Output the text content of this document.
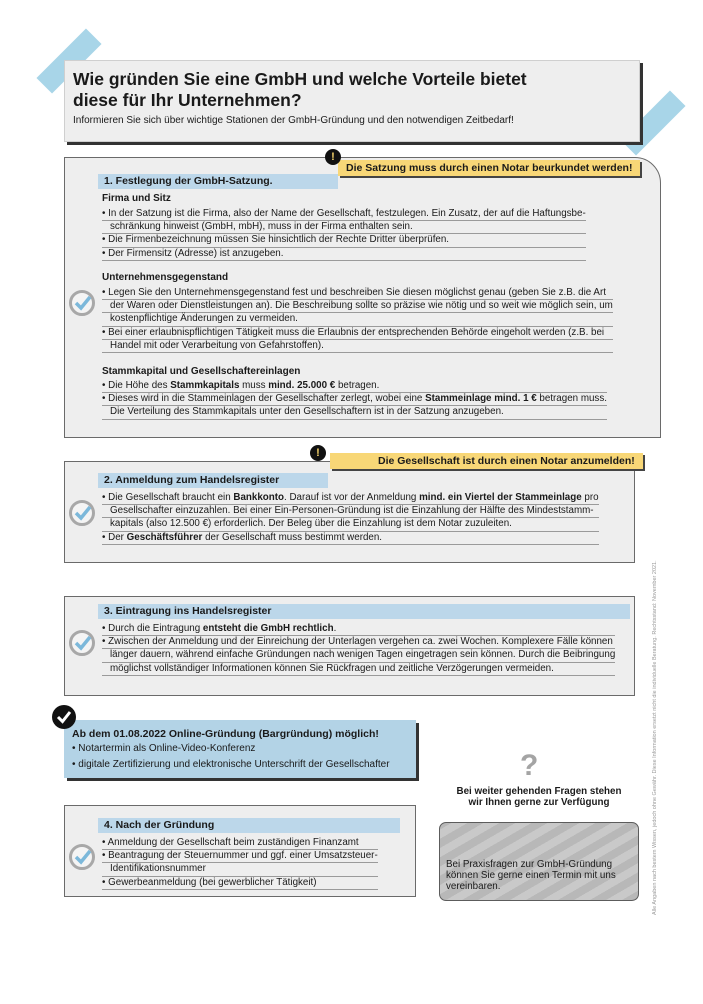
Wie gründen Sie eine GmbH und welche Vorteile bietet diese für Ihr Unternehmen?
Informieren Sie sich über wichtige Stationen der GmbH-Gründung und den notwendigen Zeitbedarf!
1. Festlegung der GmbH-Satzung.
Firma und Sitz
• In der Satzung ist die Firma, also der Name der Gesellschaft, festzulegen. Ein Zusatz, der auf die Haftungsbe-
schränkung hinweist (GmbH, mbH), muss in der Firma enthalten sein.
• Die Firmenbezeichnung müssen Sie hinsichtlich der Rechte Dritter überprüfen.
• Der Firmensitz (Adresse) ist anzugeben.
Unternehmensgegenstand
• Legen Sie den Unternehmensgegenstand fest und beschreiben Sie diesen möglichst genau (geben Sie z.B. die Art
der Waren oder Dienstleistungen an). Die Beschreibung sollte so präzise wie nötig und so weit wie möglich sein, um
kostenpflichtige Änderungen zu vermeiden.
• Bei einer erlaubnispflichtigen Tätigkeit muss die Erlaubnis der entsprechenden Behörde eingeholt werden (z.B. bei
Handel mit oder Verarbeitung von Gefahrstoffen).
Stammkapital und Gesellschaftereinlagen
• Die Höhe des Stammkapitals muss mind. 25.000 € betragen.
• Dieses wird in die Stammeinlagen der Gesellschafter zerlegt, wobei eine Stammeinlage mind. 1 € betragen muss.
Die Verteilung des Stammkapitals unter den Gesellschaftern ist in der Satzung anzugeben.
!
Die Satzung muss durch einen Notar beurkundet werden!
2. Anmeldung zum Handelsregister
• Die Gesellschaft braucht ein Bankkonto. Darauf ist vor der Anmeldung mind. ein Viertel der Stammeinlage pro
Gesellschafter einzuzahlen. Bei einer Ein-Personen-Gründung ist die Einzahlung der Hälfte des Mindeststamm-
kapitals (also 12.500 €) erforderlich. Der Beleg über die Einzahlung ist dem Notar zuzuleiten.
• Der Geschäftsführer der Gesellschaft muss bestimmt werden.
!
Die Gesellschaft ist durch einen Notar anzumelden!
3. Eintragung ins Handelsregister
• Durch die Eintragung entsteht die GmbH rechtlich.
• Zwischen der Anmeldung und der Einreichung der Unterlagen vergehen ca. zwei Wochen. Komplexere Fälle können
länger dauern, während einfache Gründungen nach wenigen Tagen eingetragen sein können. Durch die Beibringung
möglichst vollständiger Informationen können Sie Rückfragen und zeitliche Verzögerungen vermeiden.
Ab dem 01.08.2022 Online-Gründung (Bargründung) möglich!
• Notartermin als Online-Video-Konferenz
• digitale Zertifizierung und elektronische Unterschrift der Gesellschafter
4. Nach der Gründung
• Anmeldung der Gesellschaft beim zuständigen Finanzamt
• Beantragung der Steuernummer und ggf. einer Umsatzsteuer-
Identifikationsnummer
• Gewerbeanmeldung (bei gewerblicher Tätigkeit)
?
Bei weiter gehenden Fragen stehen wir Ihnen gerne zur Verfügung
Bei Praxisfragen zur GmbH-Gründung können Sie gerne einen Termin mit uns vereinbaren.	Alle Angaben nach bestem Wissen, jedoch ohne Gewähr. Diese Information ersetzt nicht die individuelle Beratung. Rechtsstand: November 2021.
